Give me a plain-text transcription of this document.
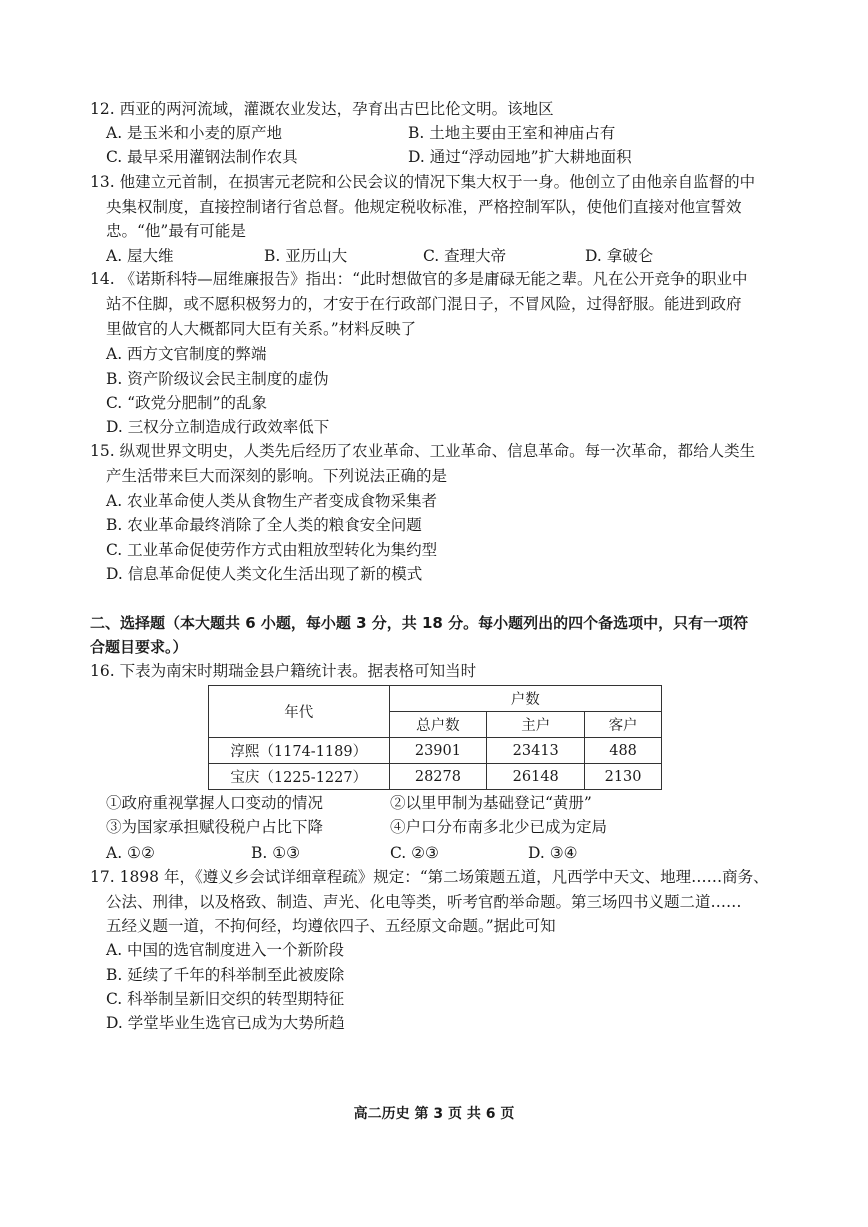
12. 西亚的两河流域，灌溉农业发达，孕育出古巴比伦文明。该地区
A. 是玉米和小麦的原产地	B. 土地主要由王室和神庙占有
C. 最早采用灌钢法制作农具	D. 通过“浮动园地”扩大耕地面积
13. 他建立元首制，在损害元老院和公民会议的情况下集大权于一身。他创立了由他亲自监督的中
央集权制度，直接控制诸行省总督。他规定税收标准，严格控制军队，使他们直接对他宣誓效
忠。“他”最有可能是
A. 屋大维	B. 亚历山大	C. 查理大帝	D. 拿破仑
14. 《诺斯科特—屈维廉报告》指出：“此时想做官的多是庸碌无能之辈。凡在公开竞争的职业中
站不住脚，或不愿积极努力的，才安于在行政部门混日子，不冒风险，过得舒服。能进到政府
里做官的人大概都同大臣有关系。”材料反映了
A. 西方文官制度的弊端
B. 资产阶级议会民主制度的虚伪
C. “政党分肥制”的乱象
D. 三权分立制造成行政效率低下
15. 纵观世界文明史，人类先后经历了农业革命、工业革命、信息革命。每一次革命，都给人类生
产生活带来巨大而深刻的影响。下列说法正确的是
A. 农业革命使人类从食物生产者变成食物采集者
B. 农业革命最终消除了全人类的粮食安全问题
C. 工业革命促使劳作方式由粗放型转化为集约型
D. 信息革命促使人类文化生活出现了新的模式
二、选择题（本大题共 6 小题，每小题 3 分，共 18 分。每小题列出的四个备选项中，只有一项符
合题目要求。）
16. 下表为南宋时期瑞金县户籍统计表。据表格可知当时
年代	户数		
	总户数	主户	客户
淳熙（1174-1189）	23901	23413	488
宝庆（1225-1227）	28278	26148	2130
①政府重视掌握人口变动的情况	②以里甲制为基础登记“黄册”
③为国家承担赋役税户占比下降	④户口分布南多北少已成为定局
A. ①②	B. ①③	C. ②③	D. ③④
17. 1898 年，《遵义乡会试详细章程疏》规定：“第二场策题五道，凡西学中天文、地理……商务、
公法、刑律，以及格致、制造、声光、化电等类，听考官酌举命题。第三场四书义题二道……
五经义题一道，不拘何经，均遵依四子、五经原文命题。”据此可知
A. 中国的选官制度进入一个新阶段
B. 延续了千年的科举制至此被废除
C. 科举制呈新旧交织的转型期特征
D. 学堂毕业生选官已成为大势所趋
高二历史 第 3 页 共 6 页
